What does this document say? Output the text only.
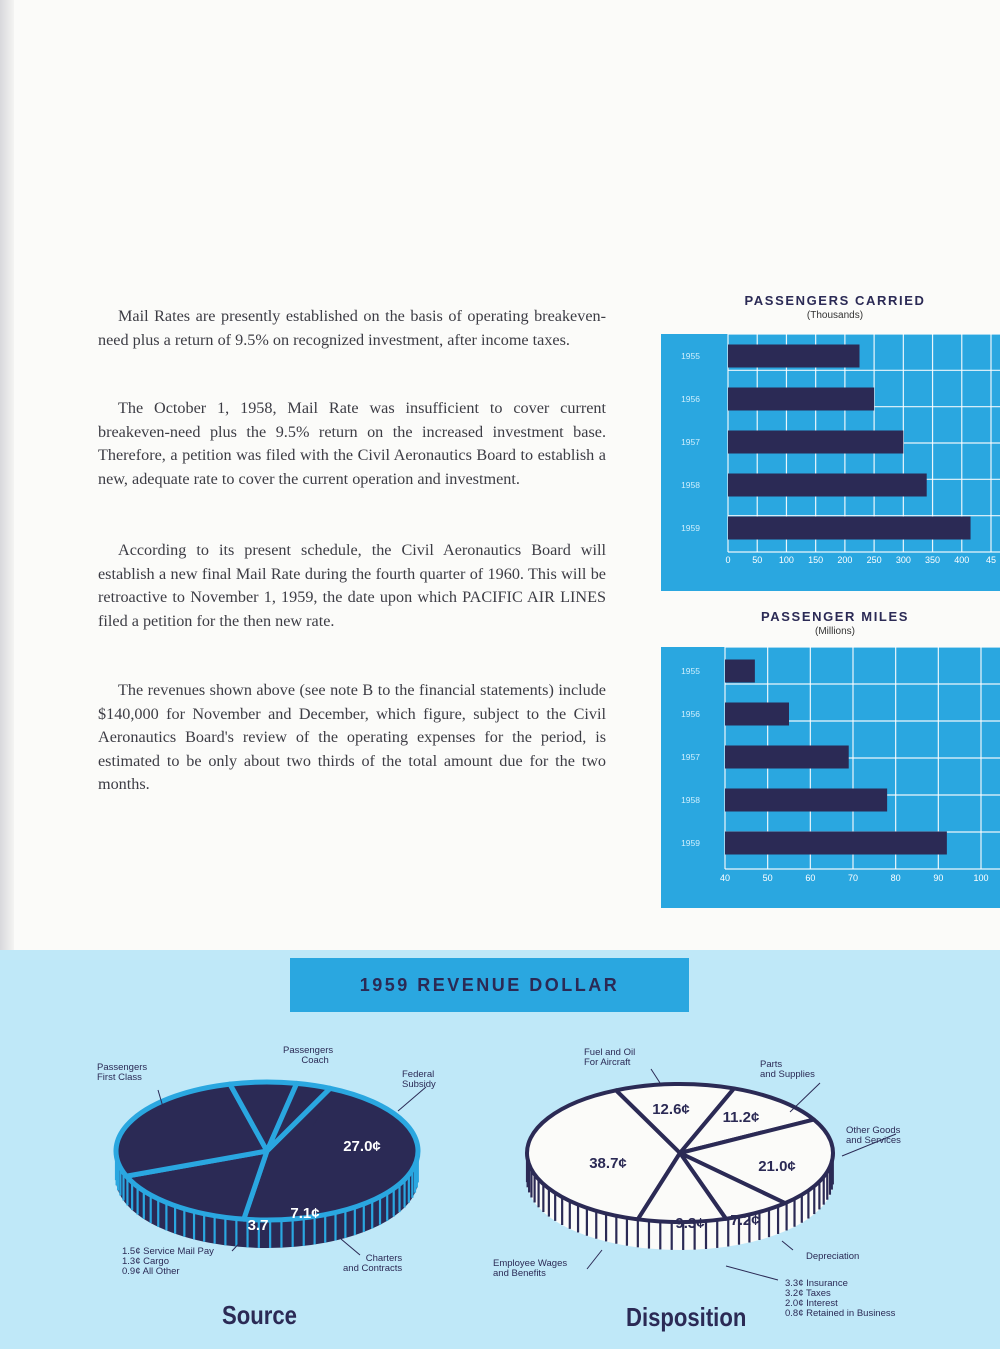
Mail Rates are presently established on the basis of operating breakeven-need plus a return of 9.5% on recognized investment, after income taxes.

The October 1, 1958, Mail Rate was insufficient to cover current breakeven-need plus the 9.5% return on the increased investment base. Therefore, a petition was filed with the Civil Aeronautics Board to establish a new, adequate rate to cover the current operation and investment.

According to its present schedule, the Civil Aeronautics Board will establish a new final Mail Rate during the fourth quarter of 1960. This will be retroactive to November 1, 1959, the date upon which PACIFIC AIR LINES filed a petition for the then new rate.

The revenues shown above (see note B to the financial statements) include $140,000 for November and December, which figure, subject to the Civil Aeronautics Board's review of the operating expenses for the period, is estimated to be only about two thirds of the total amount due for the two months.

PASSENGERS CARRIED
(Thousands)
0 50 100 150 200 250 300 350 400 45
1955
1956
1957
1958
1959
PASSENGER MILES
(Millions)
40	50	60	70	80	90	100
1955
1956
1957
1958
1959
1959 REVENUE DOLLAR
27.0¢
7.1¢
3.7
38.7¢
12.6¢ 11.2¢
21.0¢
7.2¢
9.3¢
Passengers
First Class
Passengers
Coach
Federal
Subsidy
Charters
and Contracts
1.5¢ Service Mail Pay
1.3¢ Cargo
0.9¢ All Other
Source
Fuel and Oil
For Aircraft	Parts
and Supplies
Other Goods
and Services
Depreciation
Employee Wages
and Benefits
3.3¢ Insurance
3.2¢ Taxes
2.0¢ Interest
0.8¢ Retained in Business
Disposition
